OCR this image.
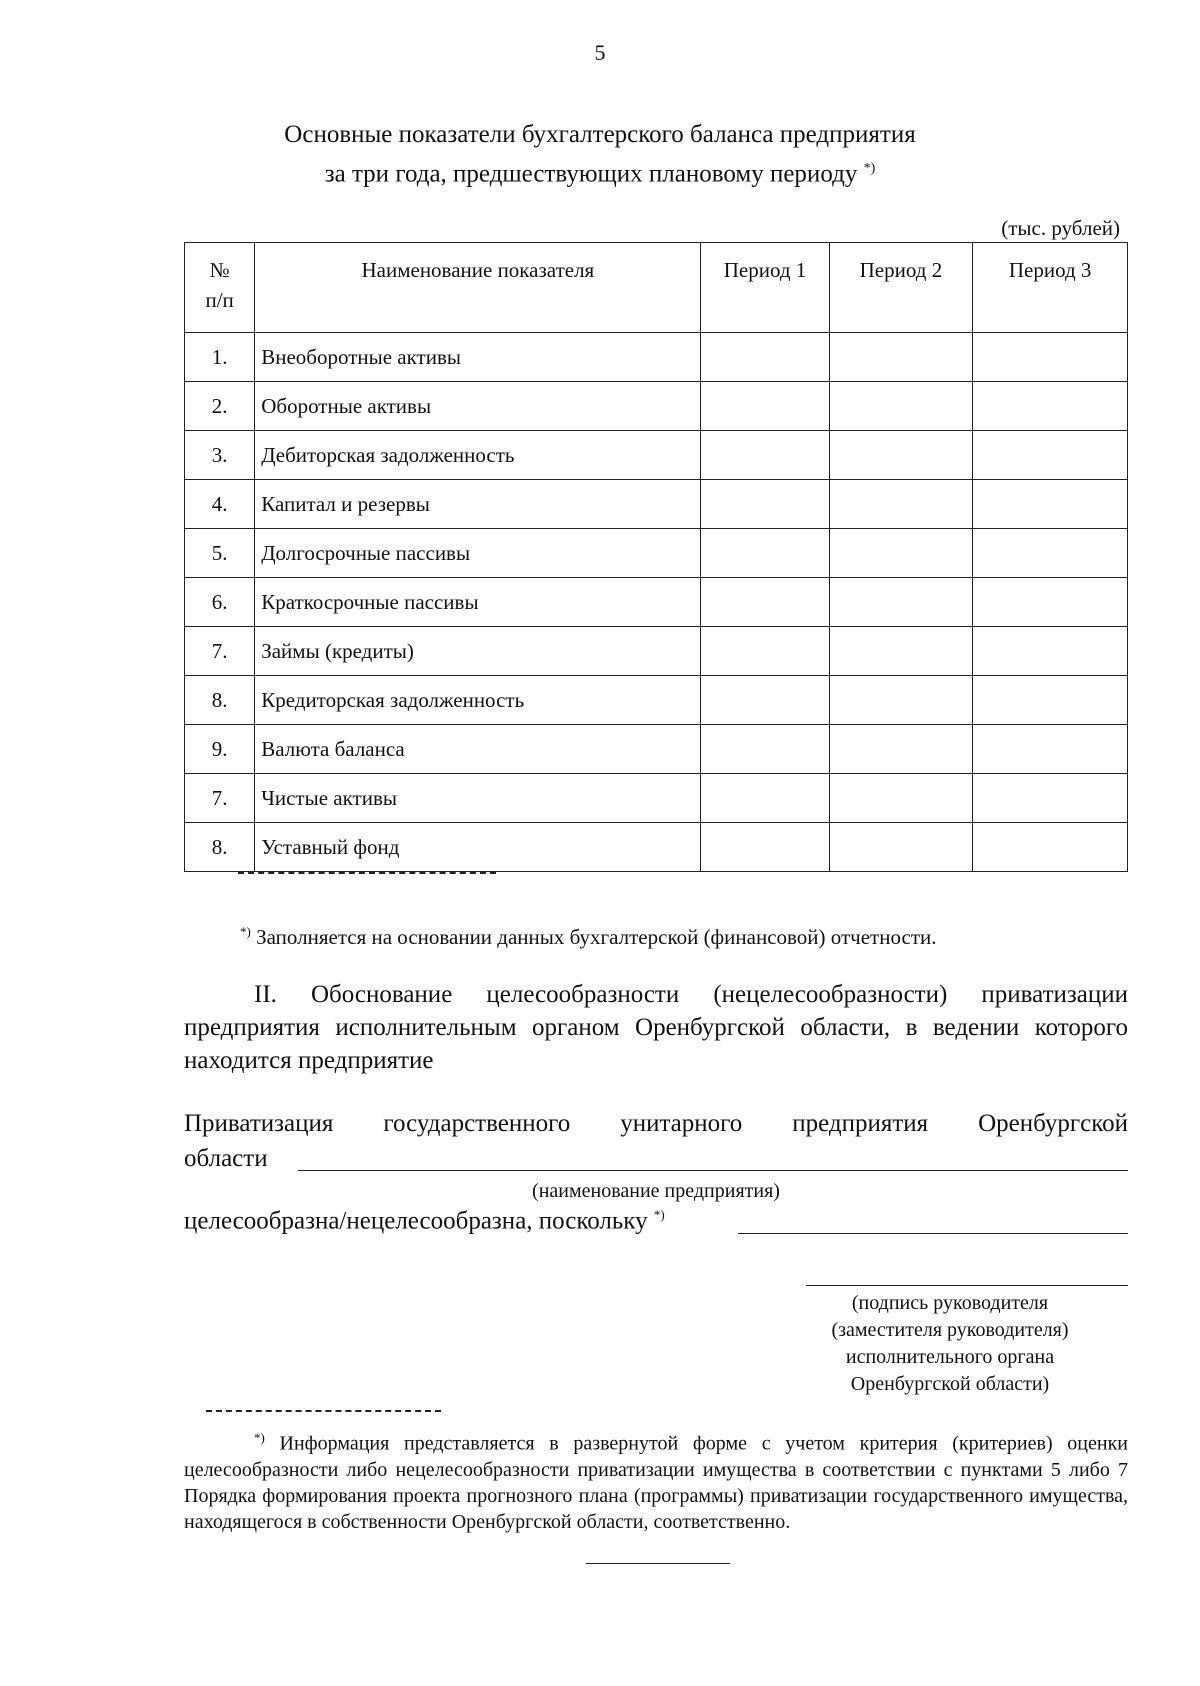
5
Основные показатели бухгалтерского баланса предприятия
за три года, предшествующих плановому периоду *)
(тыс. рублей)
№
п/п	Наименование показателя	Период 1	Период 2	Период 3
1.	Внеоборотные активы			
2.	Оборотные активы			
3.	Дебиторская задолженность			
4.	Капитал и резервы			
5.	Долгосрочные пассивы			
6.	Краткосрочные пассивы			
7.	Займы (кредиты)			
8.	Кредиторская задолженность			
9.	Валюта баланса			
7.	Чистые активы			
8.	Уставный фонд			
*) Заполняется на основании данных бухгалтерской (финансовой) отчетности.
II. Обоснование целесообразности (нецелесообразности) приватизации предприятия исполнительным органом Оренбургской области, в ведении которого находится предприятие
Приватизация государственного унитарного предприятия Оренбургской
области
(наименование предприятия)
целесообразна/нецелесообразна, поскольку *)
(подпись руководителя
(заместителя руководителя)
исполнительного органа
Оренбургской области)
*) Информация представляется в развернутой форме с учетом критерия (критериев) оценки целесообразности либо нецелесообразности приватизации имущества в соответствии с пунктами 5 либо 7 Порядка формирования проекта прогнозного плана (программы) приватизации государственного имущества, находящегося в собственности Оренбургской области, соответственно.
